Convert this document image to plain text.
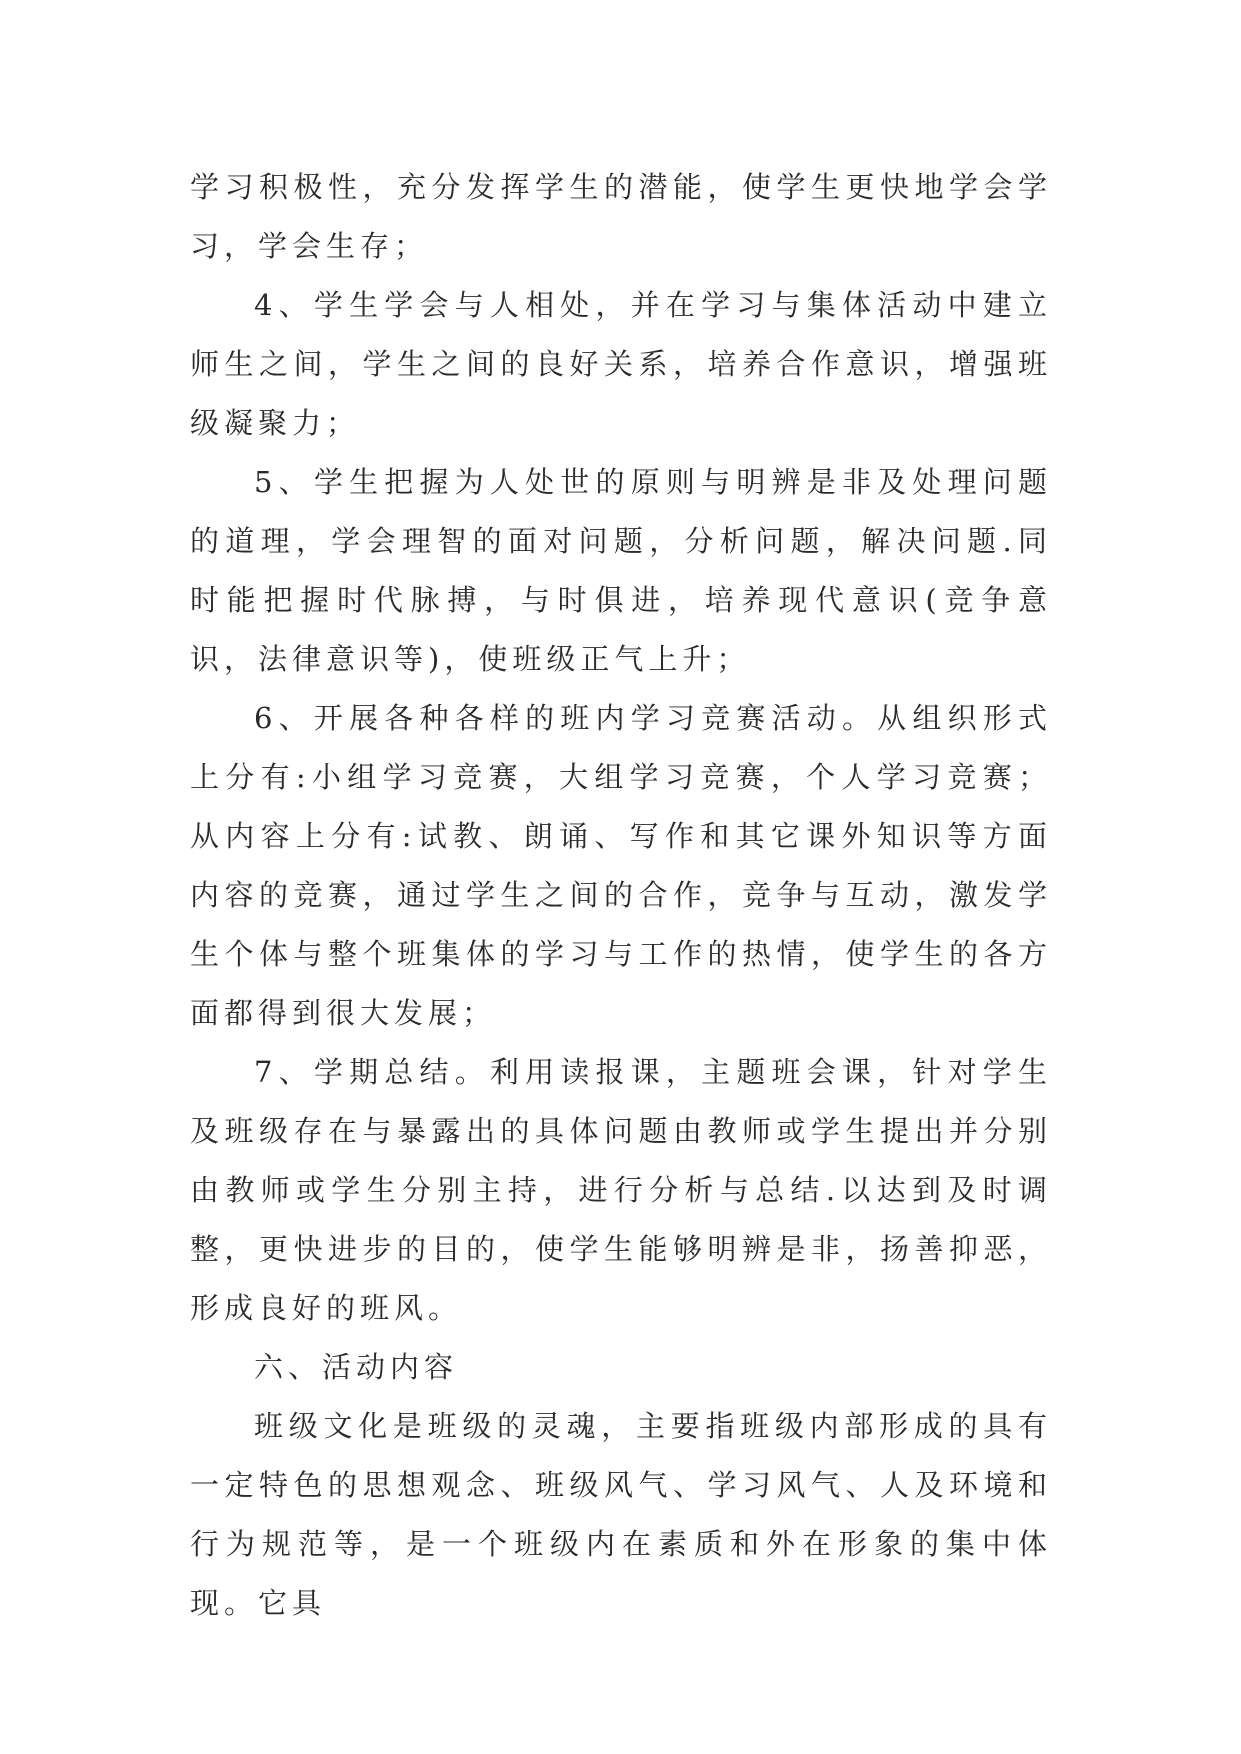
学习积极性，充分发挥学生的潜能，使学生更快地学会学习，学会生存；

4、学生学会与人相处，并在学习与集体活动中建立师生之间，学生之间的良好关系，培养合作意识，增强班级凝聚力；

5、学生把握为人处世的原则与明辨是非及处理问题的道理，学会理智的面对问题，分析问题，解决问题.同时能把握时代脉搏，与时俱进，培养现代意识(竞争意识，法律意识等)，使班级正气上升；

6、开展各种各样的班内学习竞赛活动。从组织形式上分有:小组学习竞赛，大组学习竞赛，个人学习竞赛；从内容上分有:试教、朗诵、写作和其它课外知识等方面内容的竞赛，通过学生之间的合作，竞争与互动，激发学生个体与整个班集体的学习与工作的热情，使学生的各方面都得到很大发展；

7、学期总结。利用读报课，主题班会课，针对学生及班级存在与暴露出的具体问题由教师或学生提出并分别由教师或学生分别主持，进行分析与总结.以达到及时调整，更快进步的目的，使学生能够明辨是非，扬善抑恶，形成良好的班风。

六、活动内容

班级文化是班级的灵魂，主要指班级内部形成的具有一定特色的思想观念、班级风气、学习风气、人及环境和行为规范等，是一个班级内在素质和外在形象的集中体现。它具
